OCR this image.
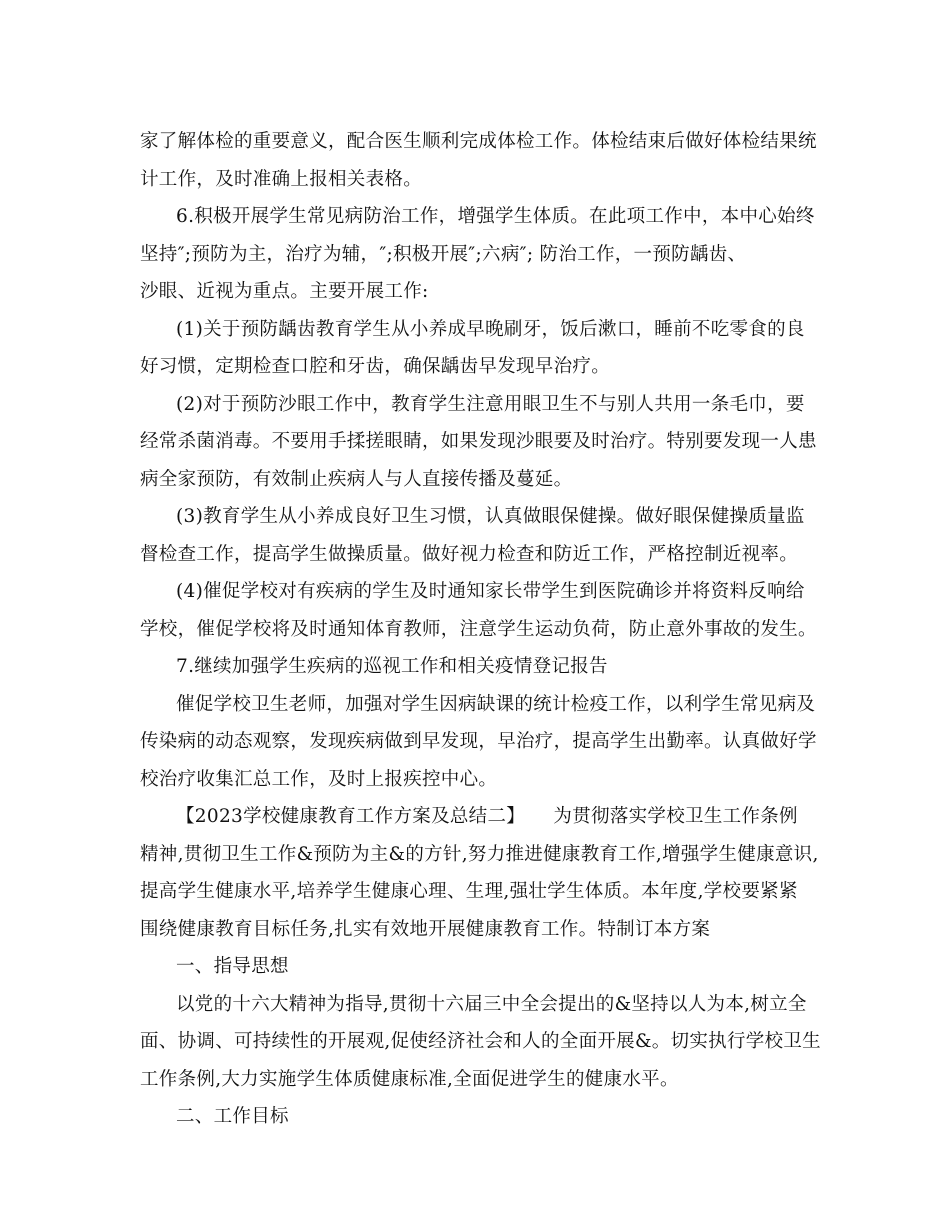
家了解体检的重要意义，配合医生顺利完成体检工作。体检结束后做好体检结果统
计工作，及时准确上报相关表格。
6.积极开展学生常见病防治工作，增强学生体质。在此项工作中，本中心始终
坚持″;预防为主，治疗为辅，″;积极开展″;六病″; 防治工作，一预防龋齿、
沙眼、近视为重点。主要开展工作:
(1)关于预防龋齿教育学生从小养成早晚刷牙，饭后漱口，睡前不吃零食的良
好习惯，定期检查口腔和牙齿，确保龋齿早发现早治疗。
(2)对于预防沙眼工作中，教育学生注意用眼卫生不与别人共用一条毛巾，要
经常杀菌消毒。不要用手揉搓眼睛，如果发现沙眼要及时治疗。特别要发现一人患
病全家预防，有效制止疾病人与人直接传播及蔓延。
(3)教育学生从小养成良好卫生习惯，认真做眼保健操。做好眼保健操质量监
督检查工作，提高学生做操质量。做好视力检查和防近工作，严格控制近视率。
(4)催促学校对有疾病的学生及时通知家长带学生到医院确诊并将资料反响给
学校，催促学校将及时通知体育教师，注意学生运动负荷，防止意外事故的发生。
7.继续加强学生疾病的巡视工作和相关疫情登记报告
催促学校卫生老师，加强对学生因病缺课的统计检疫工作，以利学生常见病及
传染病的动态观察，发现疾病做到早发现，早治疗，提高学生出勤率。认真做好学
校治疗收集汇总工作，及时上报疾控中心。
【2023学校健康教育工作方案及总结二】　　为贯彻落实学校卫生工作条例
精神,贯彻卫生工作&预防为主&的方针,努力推进健康教育工作,增强学生健康意识,
提高学生健康水平,培养学生健康心理、生理,强壮学生体质。本年度,学校要紧紧
围绕健康教育目标任务,扎实有效地开展健康教育工作。特制订本方案
一、指导思想
以党的十六大精神为指导,贯彻十六届三中全会提出的&坚持以人为本,树立全
面、协调、可持续性的开展观,促使经济社会和人的全面开展&。切实执行学校卫生
工作条例,大力实施学生体质健康标准,全面促进学生的健康水平。
二、工作目标
